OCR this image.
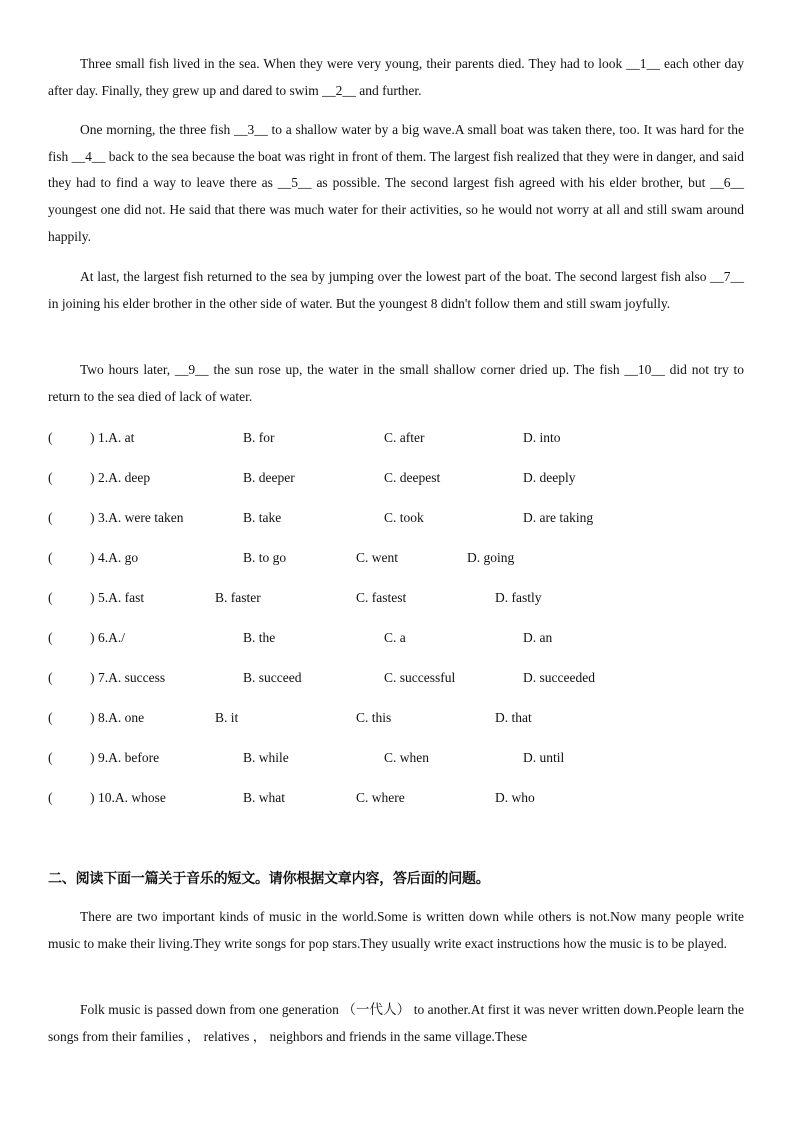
Three small fish lived in the sea. When they were very young, their parents died. They had to look __1__ each other day after day. Finally, they grew up and dared to swim __2__ and further.

One morning, the three fish __3__ to a shallow water by a big wave.A small boat was taken there, too. It was hard for the fish __4__ back to the sea because the boat was right in front of them. The largest fish realized that they were in danger, and said they had to find a way to leave there as __5__ as possible. The second largest fish agreed with his elder brother, but __6__ youngest one did not. He said that there was much water for their activities, so he would not worry at all and still swam around happily.

At last, the largest fish returned to the sea by jumping over the lowest part of the boat. The second largest fish also __7__ in joining his elder brother in the other side of water. But the youngest 8 didn't follow them and still swam joyfully.

Two hours later, __9__ the sun rose up, the water in the small shallow corner dried up. The fish __10__ did not try to return to the sea died of lack of water.

(	) 1.A. at	B. for	C. after	D. into
(	) 2.A. deep	B. deeper	C. deepest	D. deeply
(	) 3.A. were taken	B. take	C. took	D. are taking
(	) 4.A. go	B. to go	C. went	D. going
(	) 5.A. fast	B. faster	C. fastest	D. fastly
(	) 6.A./	B. the	C. a	D. an
(	) 7.A. success	B. succeed	C. successful	D. succeeded
(	) 8.A. one	B. it	C. this	D. that
(	) 9.A. before	B. while	C. when	D. until
(	) 10.A. whose	B. what	C. where	D. who
二、阅读下面一篇关于音乐的短文。请你根据文章内容，答后面的问题。

There are two important kinds of music in the world.Some is written down while others is not.Now many people write music to make their living.They write songs for pop stars.They usually write exact instructions how the music is to be played.

Folk music is passed down from one generation （一代人） to another.At first it was never written down.People learn the songs from their families ， relatives ， neighbors and friends in the same village.These
